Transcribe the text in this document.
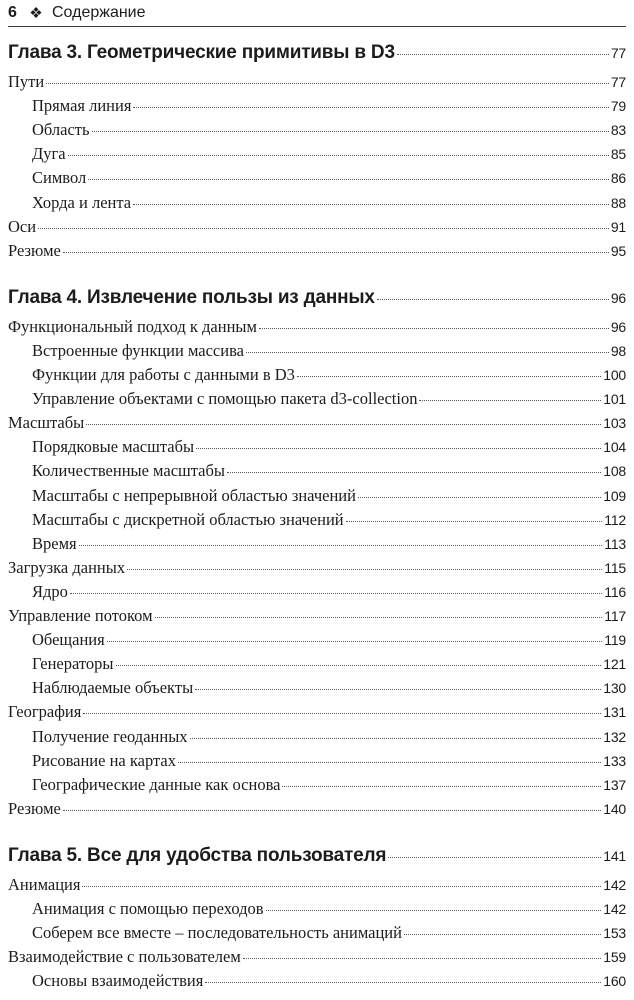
6 ❖ Содержание
Глава 3. Геометрические примитивы в D3	77
Пути	77
Прямая линия	79
Область	83
Дуга	85
Символ	86
Хорда и лента	88
Оси	91
Резюме	95
Глава 4. Извлечение пользы из данных	96
Функциональный подход к данным	96
Встроенные функции массива	98
Функции для работы с данными в D3	100
Управление объектами с помощью пакета d3-collection	101
Масштабы	103
Порядковые масштабы	104
Количественные масштабы	108
Масштабы с непрерывной областью значений	109
Масштабы с дискретной областью значений	112
Время	113
Загрузка данных	115
Ядро	116
Управление потоком	117
Обещания	119
Генераторы	121
Наблюдаемые объекты	130
География	131
Получение геоданных	132
Рисование на картах	133
Географические данные как основа	137
Резюме	140
Глава 5. Все для удобства пользователя	141
Анимация	142
Анимация с помощью переходов	142
Соберем все вместе – последовательность анимаций	153
Взаимодействие с пользователем	159
Основы взаимодействия	160
